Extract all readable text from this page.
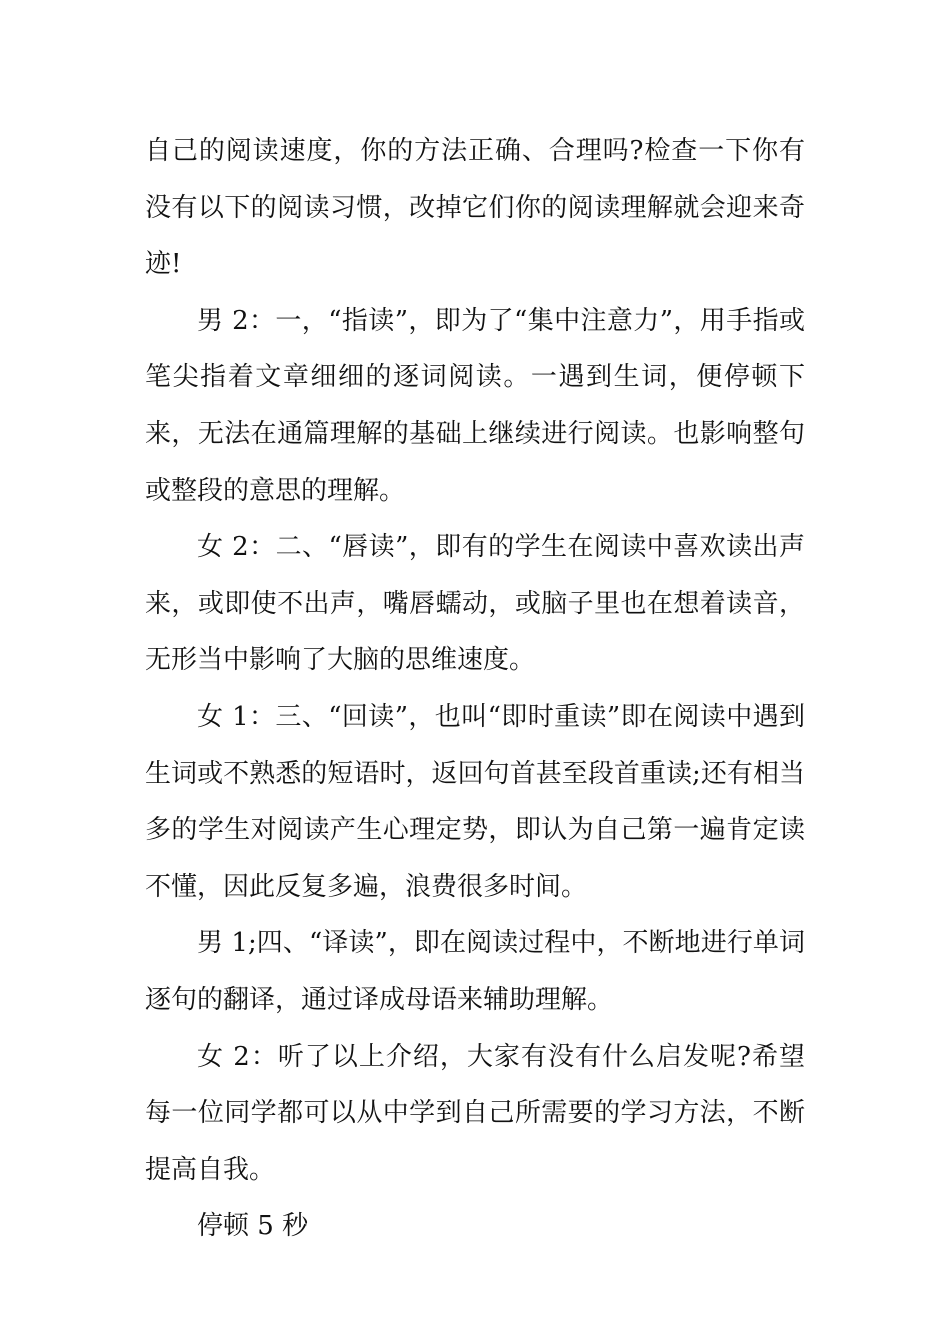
自己的阅读速度，你的方法正确、合理吗?检查一下你有没有以下的阅读习惯，改掉它们你的阅读理解就会迎来奇迹!

男 2：一，“指读”，即为了“集中注意力”，用手指或笔尖指着文章细细的逐词阅读。一遇到生词，便停顿下来，无法在通篇理解的基础上继续进行阅读。也影响整句或整段的意思的理解。

女 2：二、“唇读”，即有的学生在阅读中喜欢读出声来，或即使不出声，嘴唇蠕动，或脑子里也在想着读音，无形当中影响了大脑的思维速度。

女 1：三、“回读”，也叫“即时重读”即在阅读中遇到生词或不熟悉的短语时，返回句首甚至段首重读;还有相当多的学生对阅读产生心理定势，即认为自己第一遍肯定读不懂，因此反复多遍，浪费很多时间。

男 1;四、“译读”，即在阅读过程中，不断地进行单词逐句的翻译，通过译成母语来辅助理解。

女 2：听了以上介绍，大家有没有什么启发呢?希望每一位同学都可以从中学到自己所需要的学习方法，不断提高自我。

停顿 5 秒
